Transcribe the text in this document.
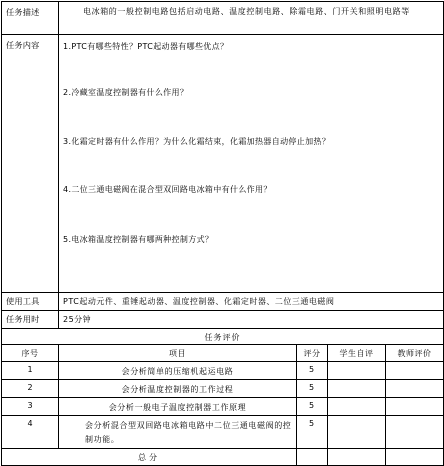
任务描述	电冰箱的一般控制电路包括启动电路、温度控制电路、除霜电路、门开关和照明电路等
任务内容	1.PTC有哪些特性？PTC起动器有哪些优点？
2.冷藏室温度控制器有什么作用？
3.化霜定时器有什么作用？为什么化霜结束，化霜加热器自动停止加热？
4.二位三通电磁阀在混合型双回路电冰箱中有什么作用？
5.电冰箱温度控制器有哪两种控制方式？

使用工具	PTC起动元件、重锤起动器、温度控制器、化霜定时器、二位三通电磁阀
任务用时	25分钟
任务评价				
序号	项目	评分	学生自评	教师评价
1	会分析简单的压缩机起运电路	5		
2	会分析温度控制器的工作过程	5		
3	会分析一般电子温度控制器工作原理	5		
4	会分析混合型双回路电冰箱电路中二位三通电磁阀的控制功能。	5		
总分				
